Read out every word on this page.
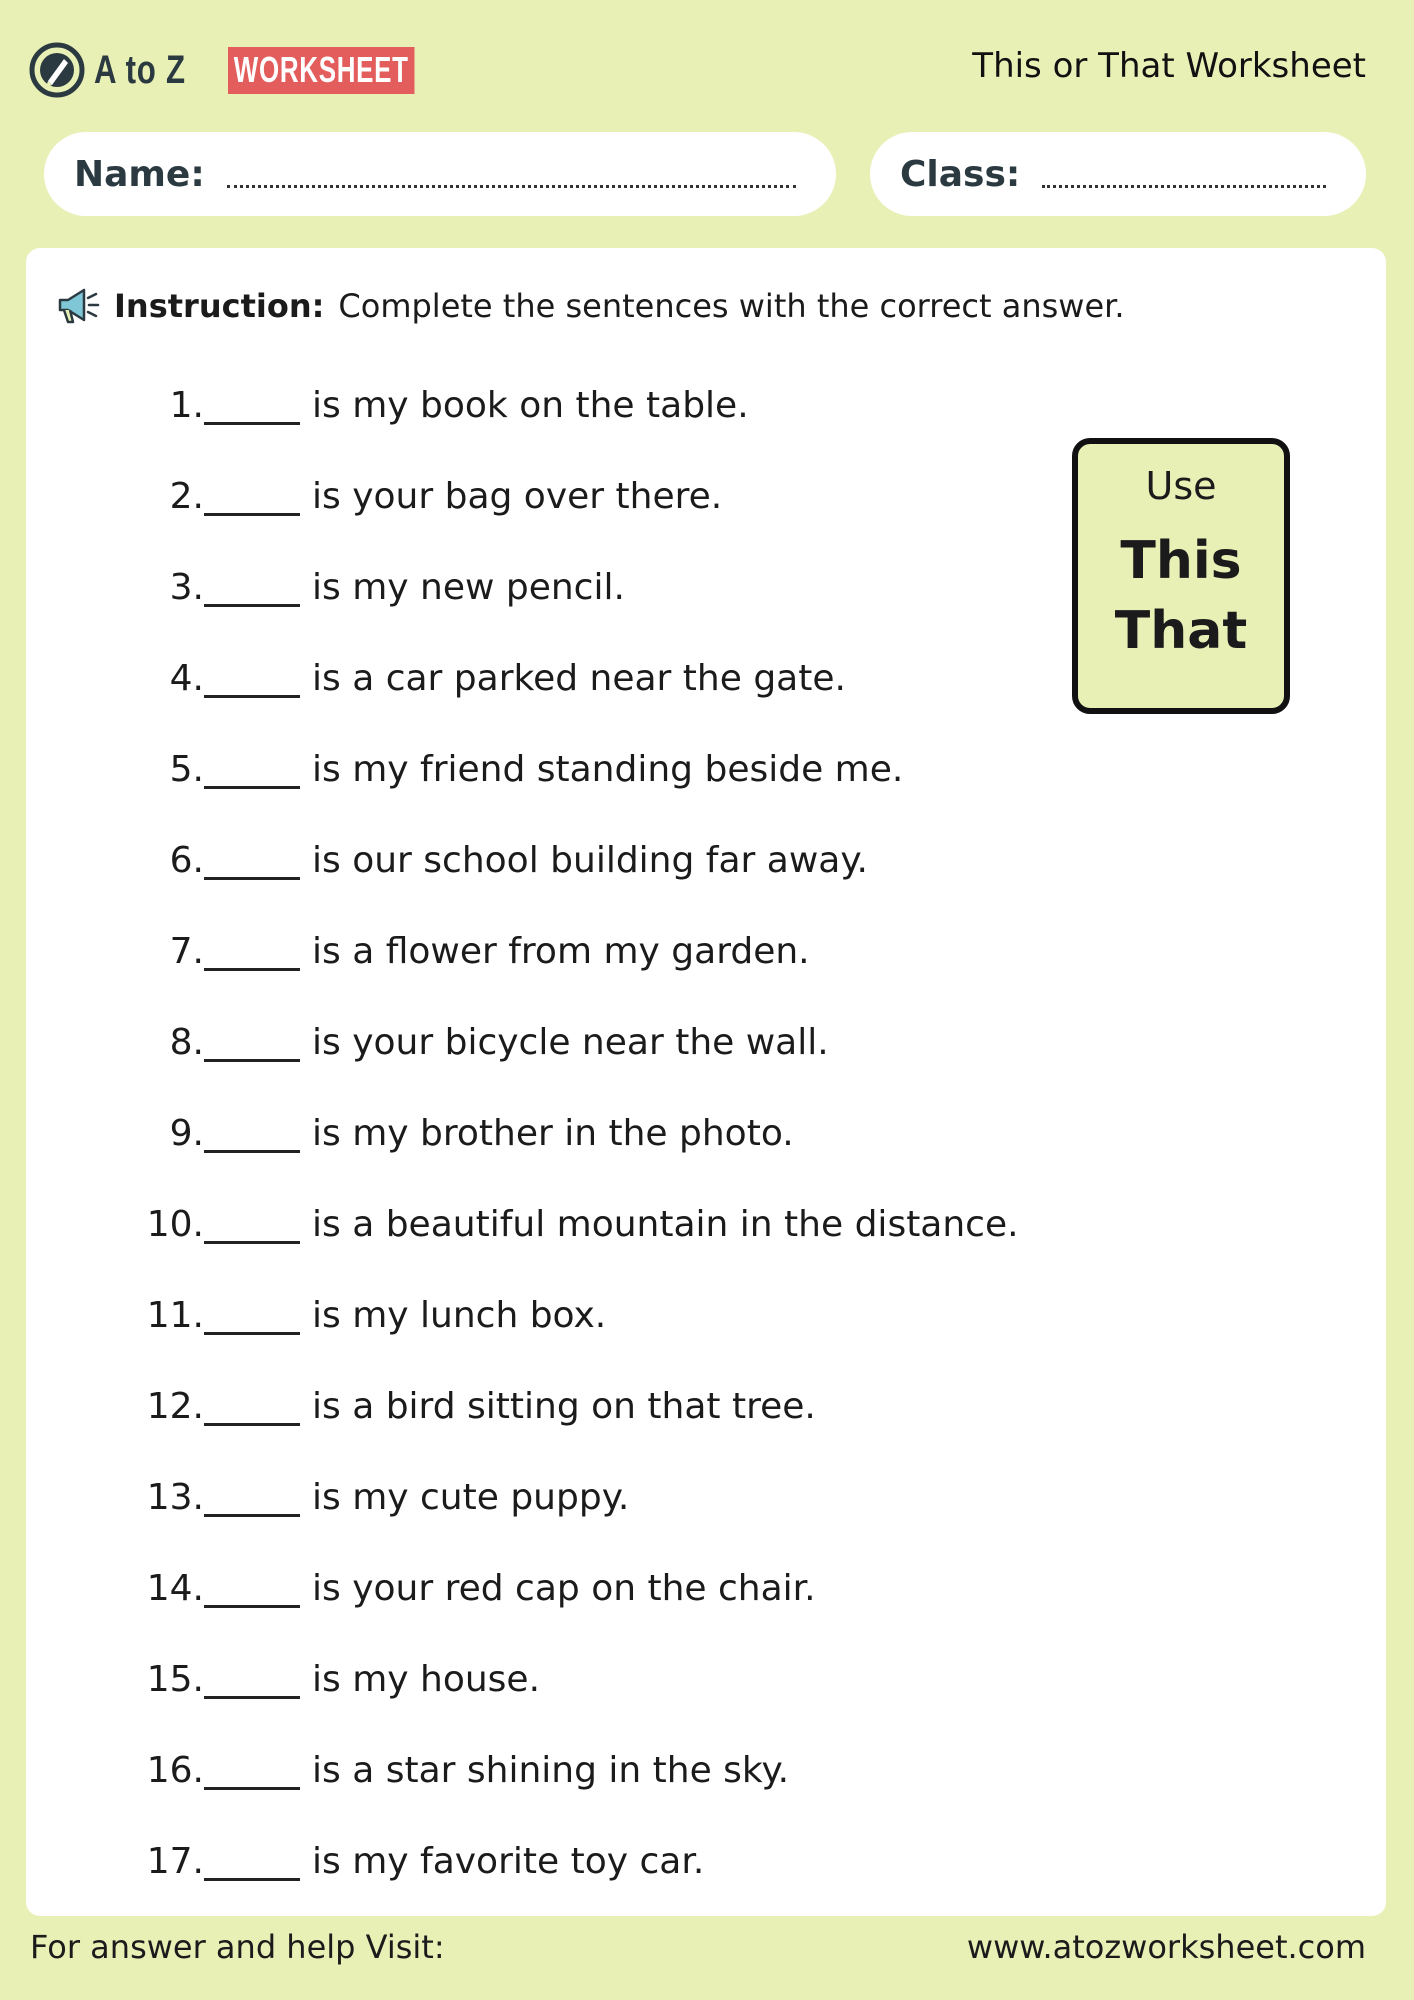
A to Z WORKSHEET	This or That Worksheet
Name:	Class:
Instruction: Complete the sentences with the correct answer.
1.	is my book on the table.
2.	is your bag over there.
3.	is my new pencil.
4.	is a car parked near the gate.
5.	is my friend standing beside me.
6.	is our school building far away.
7.	is a flower from my garden.
8.	is your bicycle near the wall.
9.	is my brother in the photo.
10.	is a beautiful mountain in the distance.
11.	is my lunch box.
12.	is a bird sitting on that tree.
13.	is my cute puppy.
14.	is your red cap on the chair.
15.	is my house.
16.	is a star shining in the sky.
17.	is my favorite toy car.
Use
This
That
For answer and help Visit:	www.atozworksheet.com
